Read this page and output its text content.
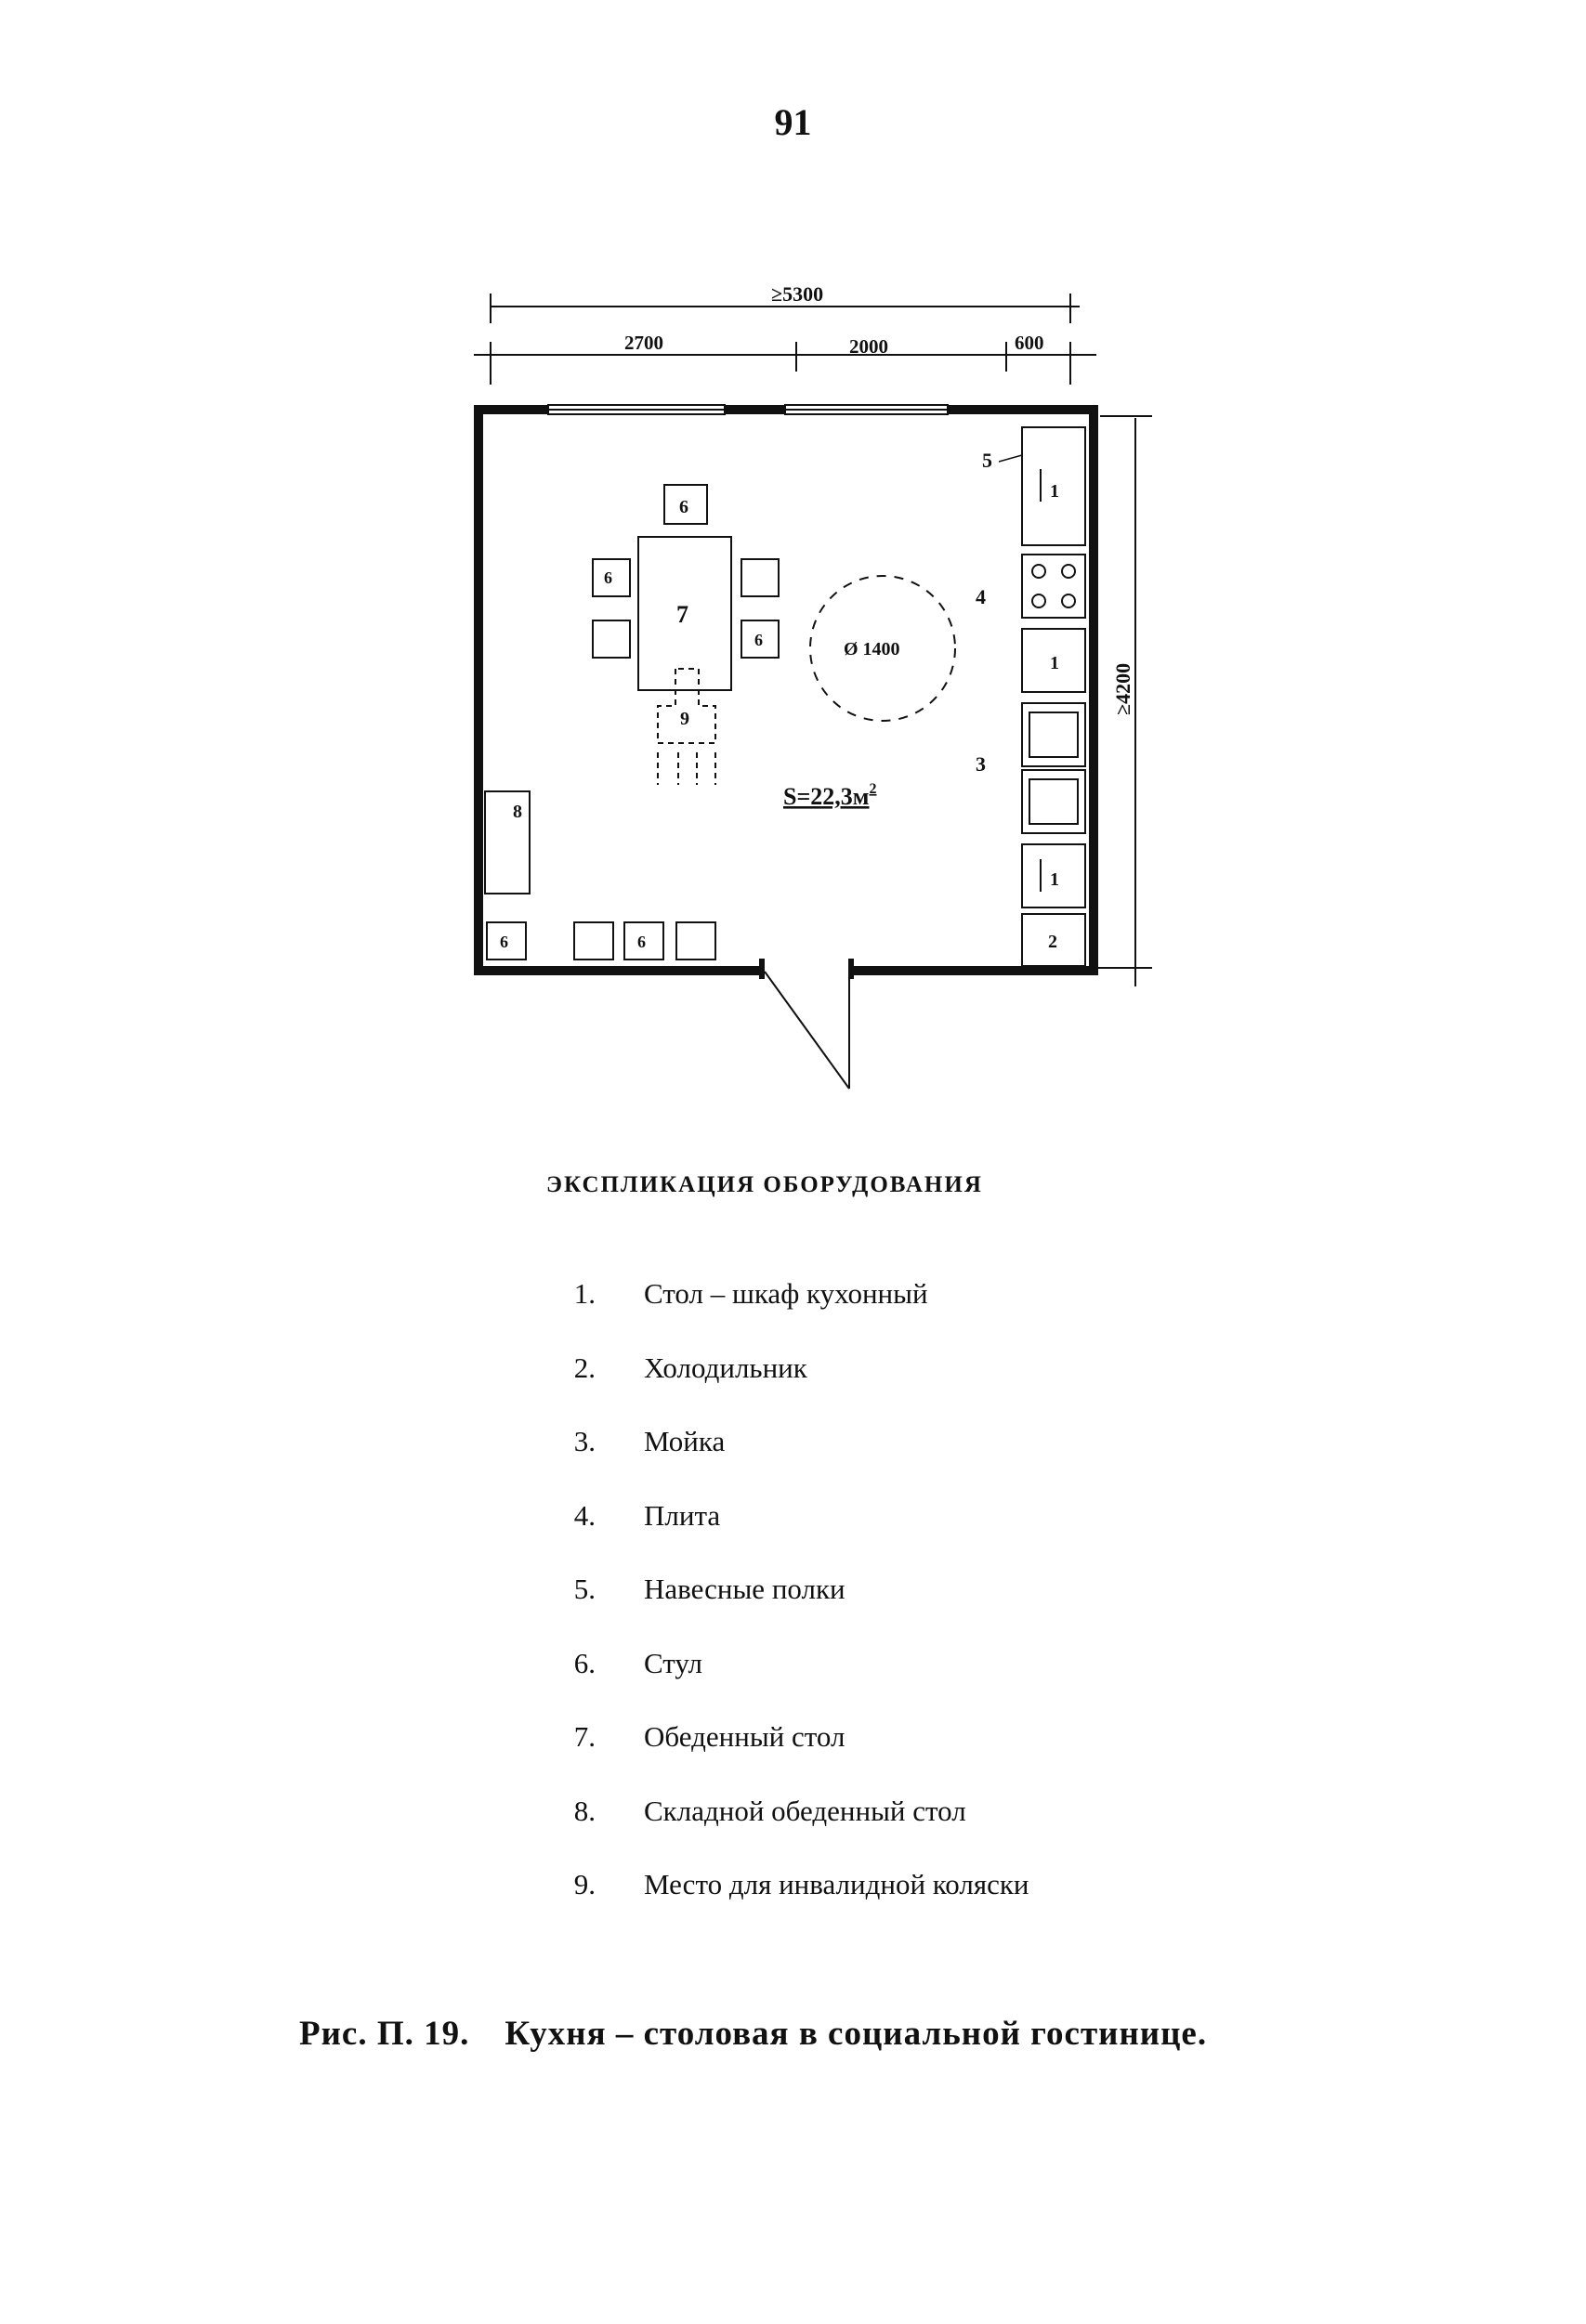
91
≥5300
2700	2000	600
≥4200
5
1
4
1
3
1
2
7
6
6
6
9
Ø 1400
$S=22,3м^2$
8
6	6
ЭКСПЛИКАЦИЯ ОБОРУДОВАНИЯ
1. Стол – шкаф кухонный
2. Холодильник
3. Мойка
4. Плита
5. Навесные полки
6. Стул
7. Обеденный стол
8. Складной обеденный стол
9. Место для инвалидной коляски
Рис. П. 19. Кухня – столовая в социальной гостинице.
